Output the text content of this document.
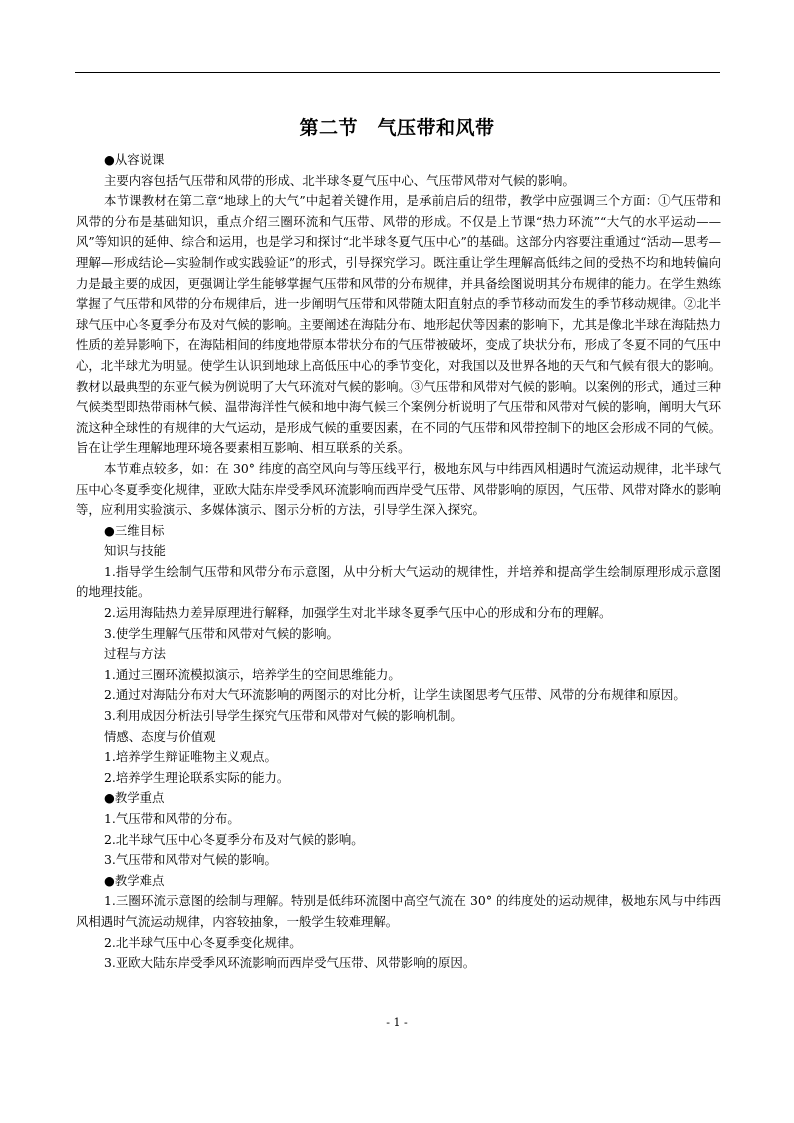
第二节　气压带和风带

● 从容说课

主要内容包括气压带和风带的形成、北半球冬夏气压中心、气压带风带对气候的影响。

本节课教材在第二章“地球上的大气”中起着关键作用，是承前启后的纽带，教学中应强调三个方面：①气压带和风带的分布是基础知识，重点介绍三圈环流和气压带、风带的形成。不仅是上节课“热力环流”“大气的水平运动——风”等知识的延伸、综合和运用，也是学习和探讨“北半球冬夏气压中心”的基础。这部分内容要注重通过“活动—思考—理解—形成结论—实验制作或实践验证”的形式，引导探究学习。既注重让学生理解高低纬之间的受热不均和地转偏向力是最主要的成因，更强调让学生能够掌握气压带和风带的分布规律，并具备绘图说明其分布规律的能力。在学生熟练掌握了气压带和风带的分布规律后，进一步阐明气压带和风带随太阳直射点的季节移动而发生的季节移动规律。②北半球气压中心冬夏季分布及对气候的影响。主要阐述在海陆分布、地形起伏等因素的影响下，尤其是像北半球在海陆热力性质的差异影响下，在海陆相间的纬度地带原本带状分布的气压带被破坏，变成了块状分布，形成了冬夏不同的气压中心，北半球尤为明显。使学生认识到地球上高低压中心的季节变化，对我国以及世界各地的天气和气候有很大的影响。教材以最典型的东亚气候为例说明了大气环流对气候的影响。③气压带和风带对气候的影响。以案例的形式，通过三种气候类型即热带雨林气候、温带海洋性气候和地中海气候三个案例分析说明了气压带和风带对气候的影响，阐明大气环流这种全球性的有规律的大气运动，是形成气候的重要因素，在不同的气压带和风带控制下的地区会形成不同的气候。旨在让学生理解地理环境各要素相互影响、相互联系的关系。

本节难点较多，如：在 30° 纬度的高空风向与等压线平行，极地东风与中纬西风相遇时气流运动规律，北半球气压中心冬夏季变化规律，亚欧大陆东岸受季风环流影响而西岸受气压带、风带影响的原因，气压带、风带对降水的影响等，应利用实验演示、多媒体演示、图示分析的方法，引导学生深入探究。

● 三维目标

知识与技能

1.指导学生绘制气压带和风带分布示意图，从中分析大气运动的规律性，并培养和提高学生绘制原理形成示意图的地理技能。

2.运用海陆热力差异原理进行解释，加强学生对北半球冬夏季气压中心的形成和分布的理解。

3.使学生理解气压带和风带对气候的影响。

过程与方法

1.通过三圈环流模拟演示，培养学生的空间思维能力。

2.通过对海陆分布对大气环流影响的两图示的对比分析，让学生读图思考气压带、风带的分布规律和原因。

3.利用成因分析法引导学生探究气压带和风带对气候的影响机制。

情感、态度与价值观

1.培养学生辩证唯物主义观点。

2.培养学生理论联系实际的能力。

● 教学重点

1.气压带和风带的分布。

2.北半球气压中心冬夏季分布及对气候的影响。

3.气压带和风带对气候的影响。

● 教学难点

1.三圈环流示意图的绘制与理解。特别是低纬环流图中高空气流在 30° 的纬度处的运动规律，极地东风与中纬西风相遇时气流运动规律，内容较抽象，一般学生较难理解。

2.北半球气压中心冬夏季变化规律。

3.亚欧大陆东岸受季风环流影响而西岸受气压带、风带影响的原因。

- 1 -
